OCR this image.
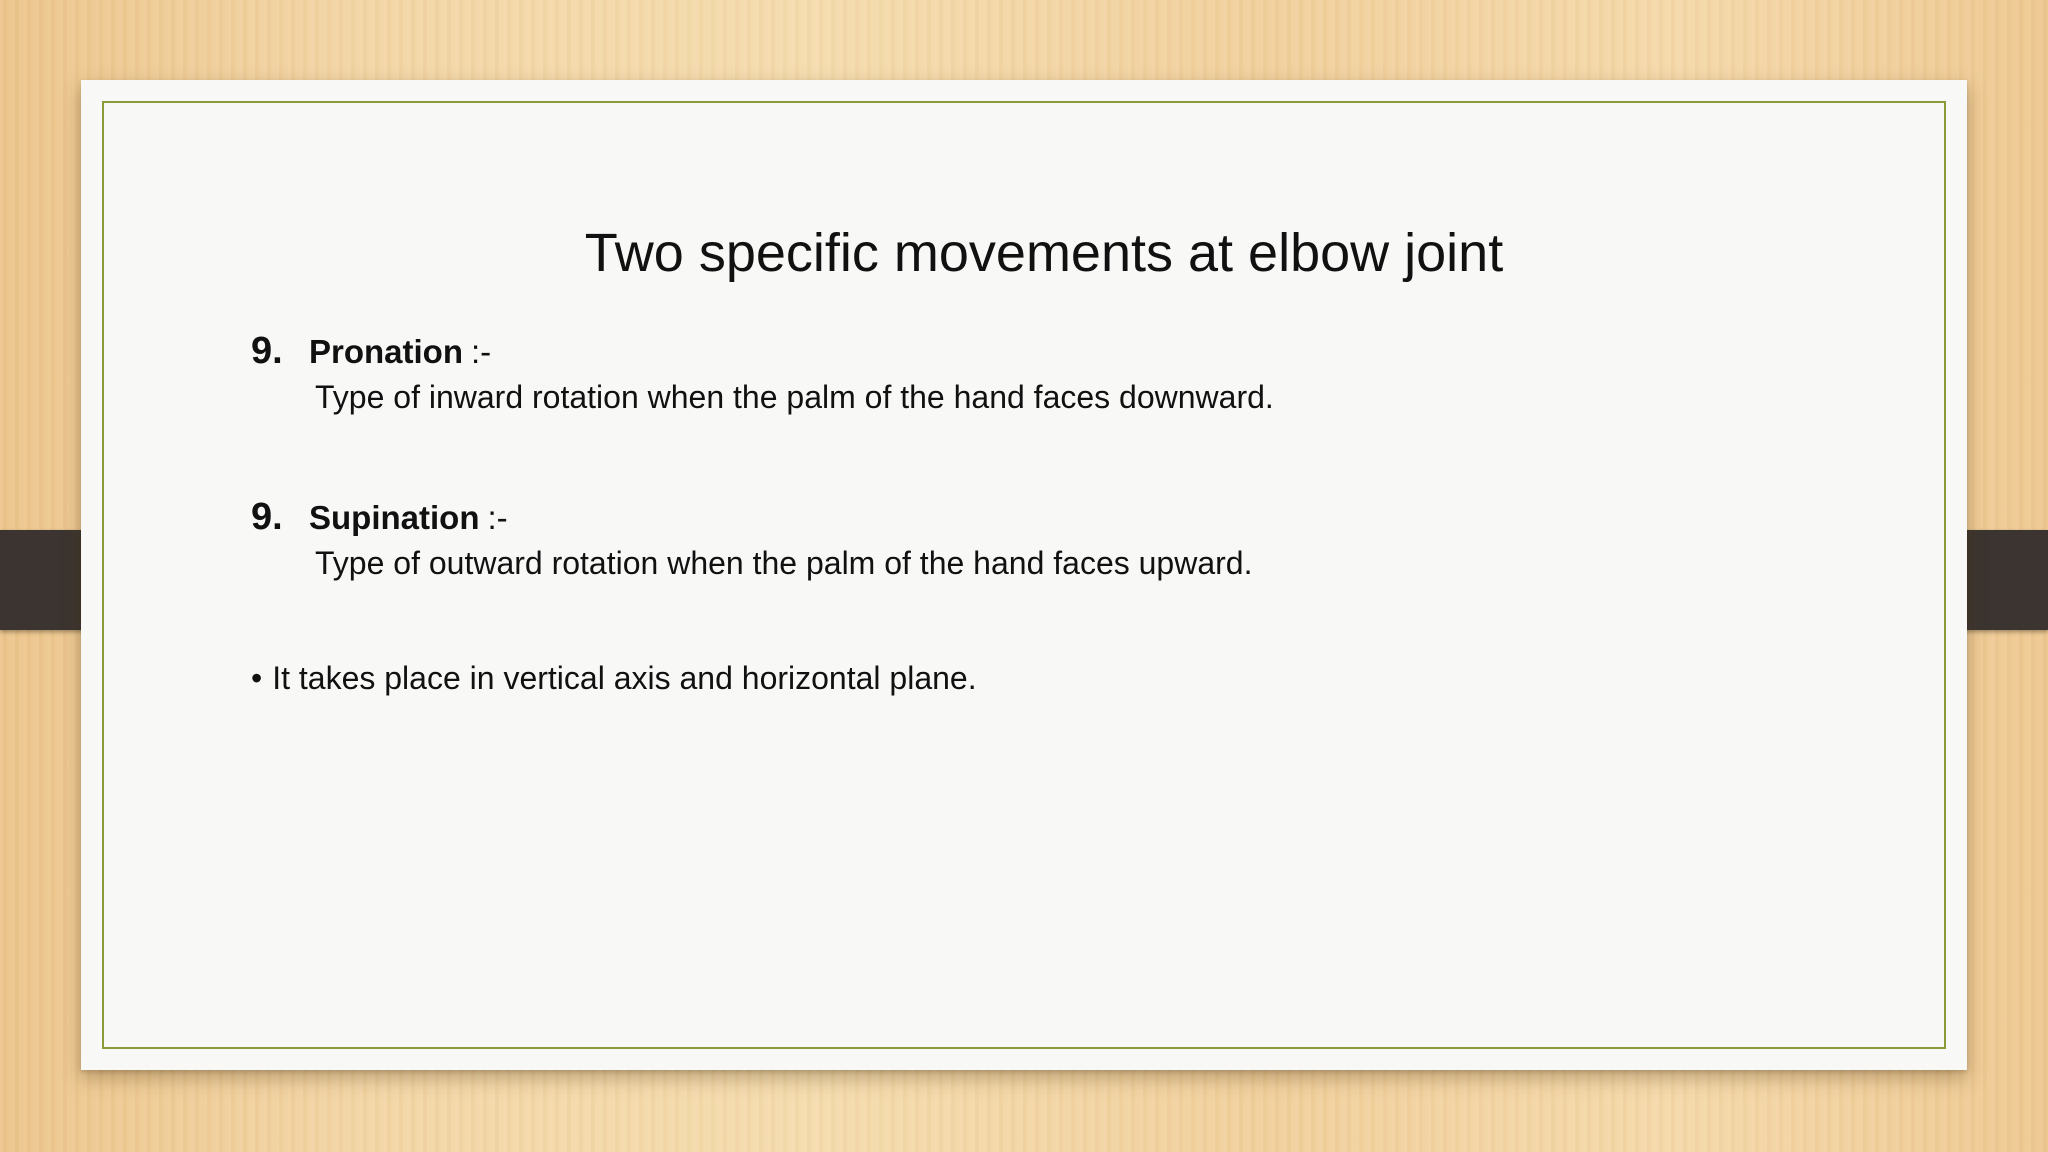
Two specific movements at elbow joint
9. Pronation :-
Type of inward rotation when the palm of the hand faces downward.
9. Supination :-
Type of outward rotation when the palm of the hand faces upward.
• It takes place in vertical axis and horizontal plane.
